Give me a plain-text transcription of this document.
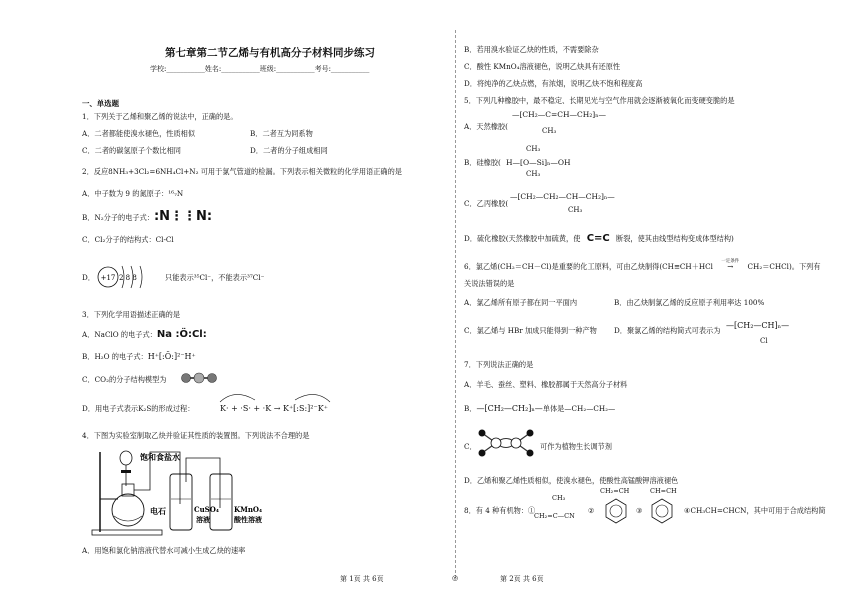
第七章第二节乙烯与有机高分子材料同步练习
学校:___________姓名:___________班级:___________考号:___________
一、单选题
1．下列关于乙烯和聚乙烯的说法中，正确的是。
A．二者都能使溴水褪色，性质相似	B．二者互为同系物
C．二者的碳氢原子个数比相同	D．二者的分子组成相同
2．反应8NH₃+3Cl₂=6NH₄Cl+N₂ 可用于氯气管道的检漏。下列表示相关微粒的化学用语正确的是
A．中子数为 9 的氮原子：¹⁶₇N
B．N₂分子的电子式：:N⋮⋮N:
C．Cl₂分子的结构式：Cl-Cl
D． +17 2 8 8	只能表示³⁵Cl⁻，不能表示³⁷Cl⁻
3．下列化学用语描述正确的是
A．NaClO 的电子式：Na :Ö:Cl:
B．H₂O 的电子式：H⁺[:Ö:]²⁻H⁺
C．CO₂的分子结构模型为
D．用电子式表示K₂S的形成过程：	K· + ·S· + ·K → K⁺[:S:]²⁻K⁺
4．下图为实验室制取乙炔并验证其性质的装置图。下列说法不合理的是
饱和食盐水
电石	CuSO₄
溶液
KMnO₄
酸性溶液
A．用饱和氯化钠溶液代替水可减小生成乙炔的速率
第 1页 共 6页	◎
B．若用溴水验证乙炔的性质，不需要除杂
C．酸性 KMnO₄溶液褪色，说明乙炔具有还原性
D．将纯净的乙炔点燃，有浓烟，说明乙炔不饱和程度高
5．下列几种橡胶中，最不稳定、长期见光与空气作用就会逐渐被氧化而变硬变脆的是
A．天然橡胶(
—[CH₂—C=CH—CH₂]ₙ—
CH₃
B．硅橡胶(
CH₃
H—[O—Si]ₙ—OH
CH₃
C．乙丙橡胶(
—[CH₂—CH₂—CH—CH₂]ₙ—
CH₃
D．硫化橡胶(天然橡胶中加硫黄，使 C=C 断裂，使其由线型结构变成体型结构)
6．氯乙烯(CH₂＝CH－Cl)是重要的化工原料，可由乙炔制得(CH≡CH＋HCl
一定条件
→ CH₂＝CHCl)。下列有
关说法错误的是
A．氯乙烯所有原子都在同一平面内	B．由乙炔制氯乙烯的反应原子利用率达 100%
C．氯乙烯与 HBr 加成只能得到一种产物 D．聚氯乙烯的结构简式可表示为
—[CH₂—CH]ₙ—
Cl
7．下列说法正确的是
A．羊毛、蚕丝、塑料、橡胶都属于天然高分子材料
B．—[CH₂—CH₂]ₙ—单体是—CH₂—CH₂—
C．	可作为植物生长调节剂
D．乙烯和聚乙烯性质相似，使溴水褪色，使酸性高锰酸钾溶液褪色
8．有 4 种有机物：①
CH₃
CH₂=C—CN
②
CH₂=CH
③
CH=CH
④CH₃CH=CHCN，其中可用于合成结构简
第 2页 共 6页
